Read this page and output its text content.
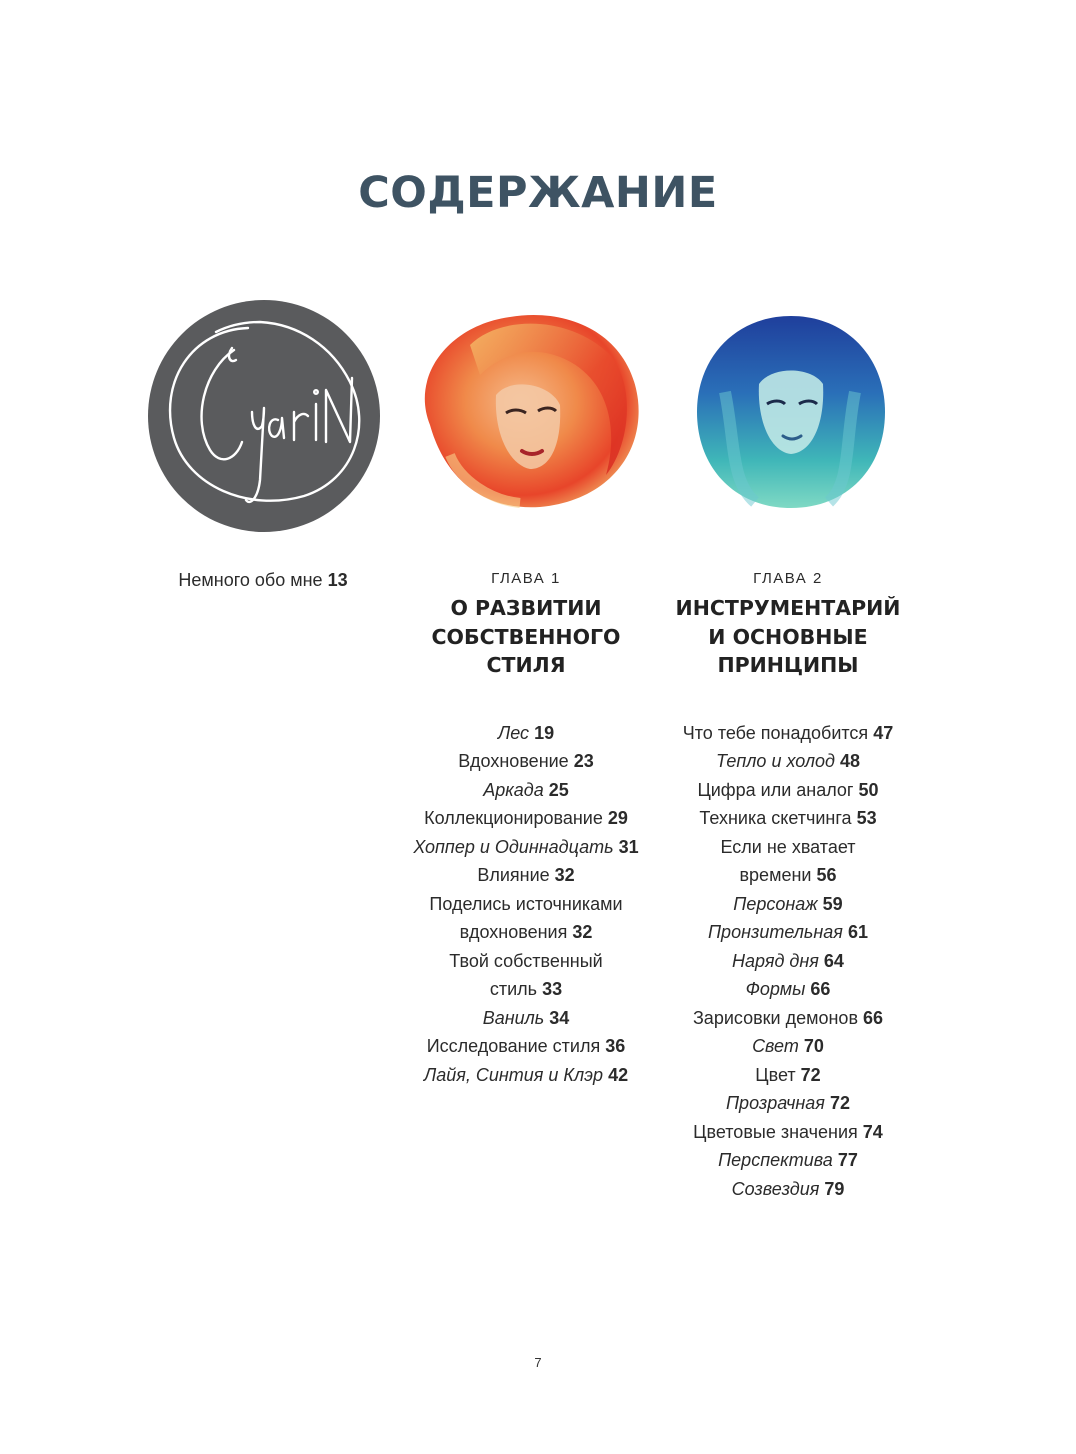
СОДЕРЖАНИЕ
Немного обо мне 13	ГЛАВА 1
О РАЗВИТИИ
СОБСТВЕННОГО
СТИЛЯ
Лес 19
Вдохновение 23
Аркада 25
Коллекционирование 29
Хоппер и Одиннадцать 31
Влияние 32
Поделись источниками
вдохновения 32
Твой собственный
стиль 33
Ваниль 34
Исследование стиля 36
Лайя, Синтия и Клэр 42
ГЛАВА 2
ИНСТРУМЕНТАРИЙ
И ОСНОВНЫЕ
ПРИНЦИПЫ
Что тебе понадобится 47
Тепло и холод 48
Цифра или аналог 50
Техника скетчинга 53
Если не хватает
времени 56
Персонаж 59
Пронзительная 61
Наряд дня 64
Формы 66
Зарисовки демонов 66
Свет 70
Цвет 72
Прозрачная 72
Цветовые значения 74
Перспектива 77
Созвездия 79
7
